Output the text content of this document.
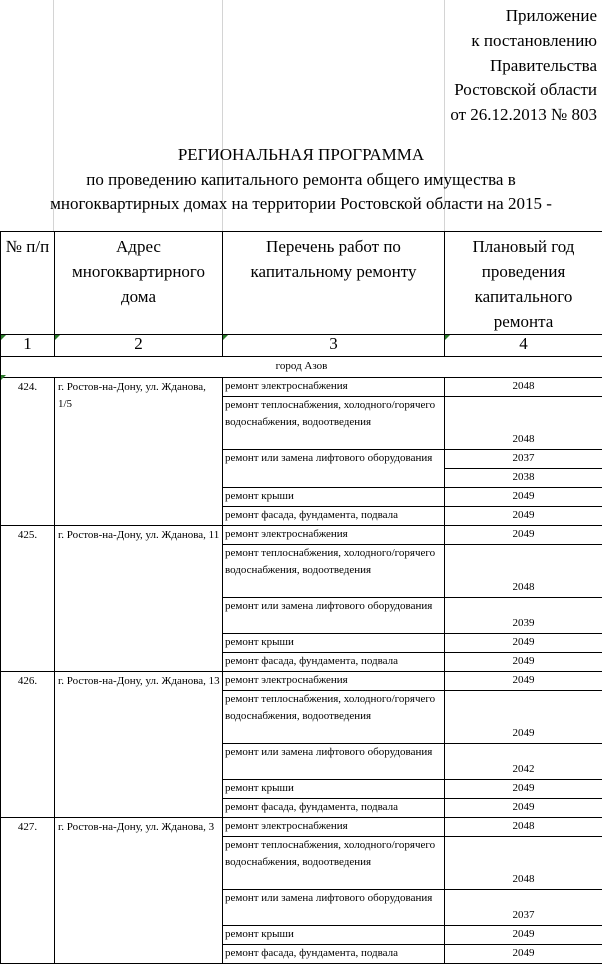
Приложение
к постановлению
Правительства
Ростовской области
от 26.12.2013 № 803
РЕГИОНАЛЬНАЯ ПРОГРАММА
по проведению капитального ремонта общего имущества в
многоквартирных домах на территории Ростовской области на 2015 -
№ п/п	Адрес многоквартирного дома	Перечень работ по капитальному ремонту	Плановый год проведения капитального ремонта

1	2	3	4
город Азов			
424.	г. Ростов-на-Дону, ул. Жданова, 1/5	ремонт электроснабжения	2048
		ремонт теплоснабжения, холодного/горячего водоснабжения, водоотведения	2048
		ремонт или замена лифтового оборудования	2037
			2038
		ремонт крыши	2049
		ремонт фасада, фундамента, подвала	2049
425.	г. Ростов-на-Дону, ул. Жданова, 11	ремонт электроснабжения	2049
		ремонт теплоснабжения, холодного/горячего водоснабжения, водоотведения	2048
		ремонт или замена лифтового оборудования	2039
		ремонт крыши	2049
		ремонт фасада, фундамента, подвала	2049
426.	г. Ростов-на-Дону, ул. Жданова, 13	ремонт электроснабжения	2049
		ремонт теплоснабжения, холодного/горячего водоснабжения, водоотведения	2049
		ремонт или замена лифтового оборудования	2042
		ремонт крыши	2049
		ремонт фасада, фундамента, подвала	2049
427.	г. Ростов-на-Дону, ул. Жданова, 3	ремонт электроснабжения	2048
		ремонт теплоснабжения, холодного/горячего водоснабжения, водоотведения	2048
		ремонт или замена лифтового оборудования	2037
		ремонт крыши	2049
		ремонт фасада, фундамента, подвала	2049
